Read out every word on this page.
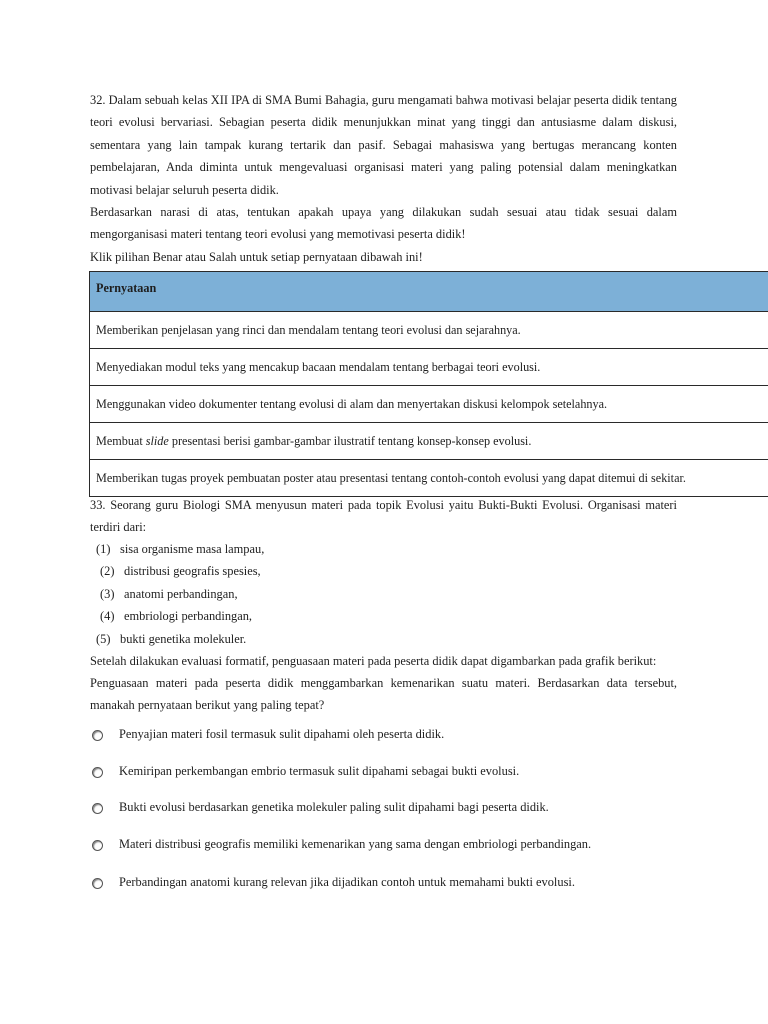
32. Dalam sebuah kelas XII IPA di SMA Bumi Bahagia, guru mengamati bahwa motivasi belajar peserta didik tentang teori evolusi bervariasi. Sebagian peserta didik menunjukkan minat yang tinggi dan antusiasme dalam diskusi, sementara yang lain tampak kurang tertarik dan pasif. Sebagai mahasiswa yang bertugas merancang konten pembelajaran, Anda diminta untuk mengevaluasi organisasi materi yang paling potensial dalam meningkatkan motivasi belajar seluruh peserta didik.

Berdasarkan narasi di atas, tentukan apakah upaya yang dilakukan sudah sesuai atau tidak sesuai dalam mengorganisasi materi tentang teori evolusi yang memotivasi peserta didik!

Klik pilihan Benar atau Salah untuk setiap pernyataan dibawah ini!

Pernyataan
Memberikan penjelasan yang rinci dan mendalam tentang teori evolusi dan sejarahnya.
Menyediakan modul teks yang mencakup bacaan mendalam tentang berbagai teori evolusi.
Menggunakan video dokumenter tentang evolusi di alam dan menyertakan diskusi kelompok setelahnya.
Membuat slide presentasi berisi gambar-gambar ilustratif tentang konsep-konsep evolusi.
Memberikan tugas proyek pembuatan poster atau presentasi tentang contoh-contoh evolusi yang dapat ditemui di sekitar.

33. Seorang guru Biologi SMA menyusun materi pada topik Evolusi yaitu Bukti-Bukti Evolusi. Organisasi materi terdiri dari:

(1) sisa organisme masa lampau,
(2) distribusi geografis spesies,
(3) anatomi perbandingan,
(4) embriologi perbandingan,
(5) bukti genetika molekuler.

Setelah dilakukan evaluasi formatif, penguasaan materi pada peserta didik dapat digambarkan pada grafik berikut:

Penguasaan materi pada peserta didik menggambarkan kemenarikan suatu materi. Berdasarkan data tersebut, manakah pernyataan berikut yang paling tepat?

Penyajian materi fosil termasuk sulit dipahami oleh peserta didik.
Kemiripan perkembangan embrio termasuk sulit dipahami sebagai bukti evolusi.
Bukti evolusi berdasarkan genetika molekuler paling sulit dipahami bagi peserta didik.
Materi distribusi geografis memiliki kemenarikan yang sama dengan embriologi perbandingan.
Perbandingan anatomi kurang relevan jika dijadikan contoh untuk memahami bukti evolusi.
